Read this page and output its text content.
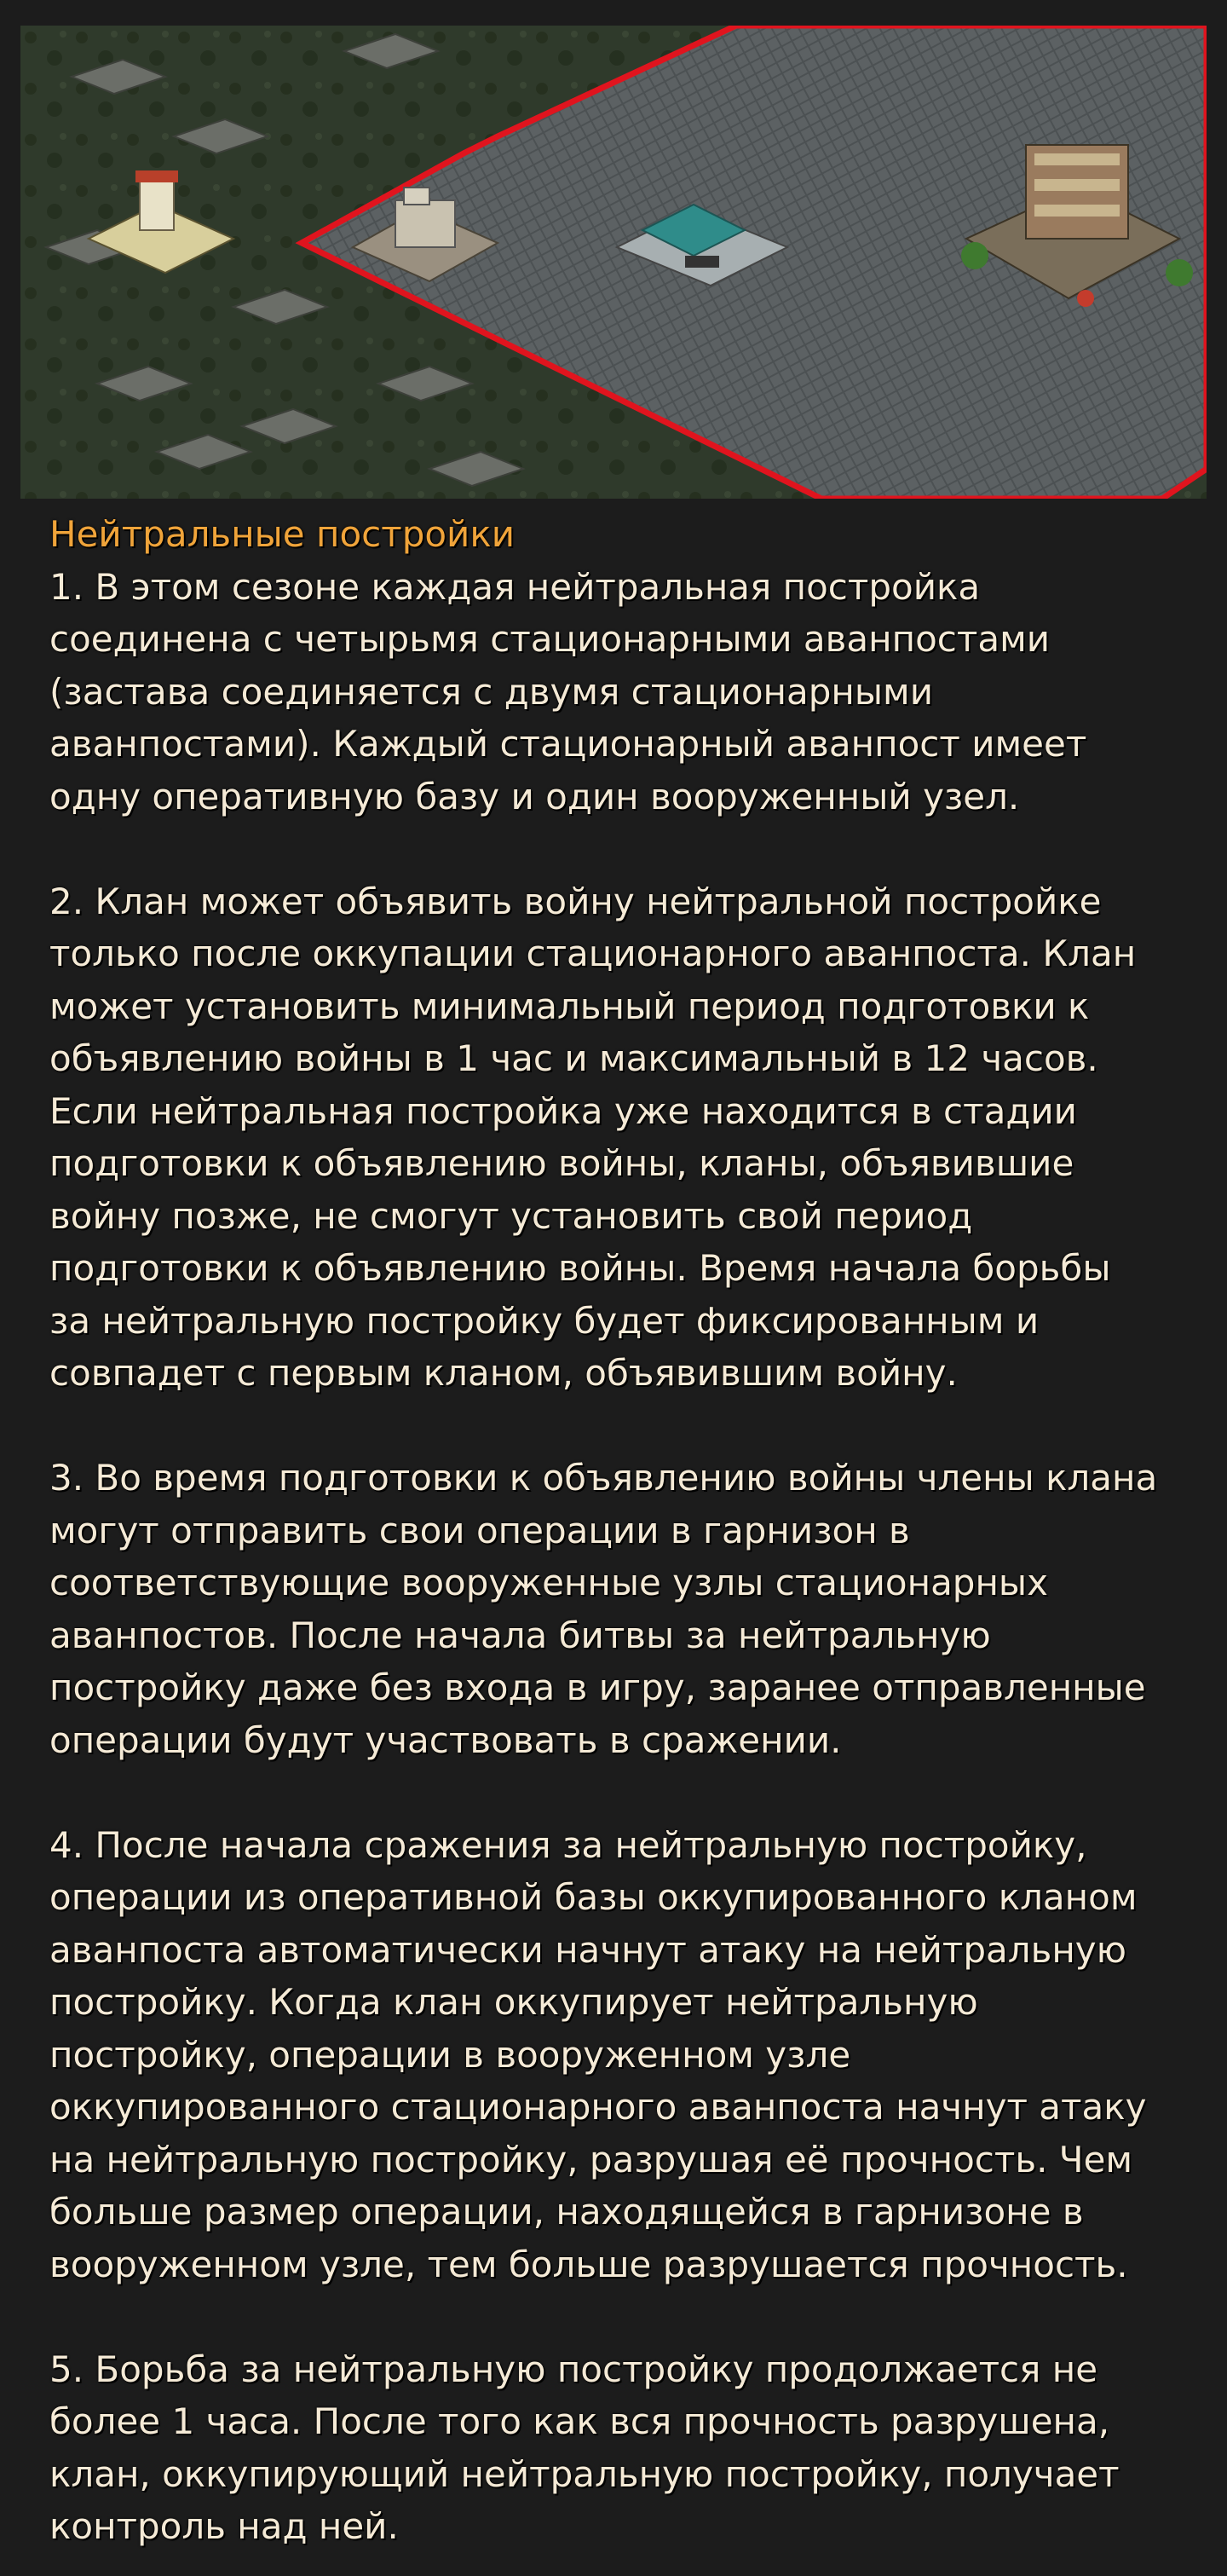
Нейтральные постройки

1. В этом сезоне каждая нейтральная постройка
соединена с четырьмя стационарными аванпостами
(застава соединяется с двумя стационарными
аванпостами). Каждый стационарный аванпост имеет
одну оперативную базу и один вооруженный узел.

2. Клан может объявить войну нейтральной постройке
только после оккупации стационарного аванпоста. Клан
может установить минимальный период подготовки к
объявлению войны в 1 час и максимальный в 12 часов.
Если нейтральная постройка уже находится в стадии
подготовки к объявлению войны, кланы, объявившие
войну позже, не смогут установить свой период
подготовки к объявлению войны. Время начала борьбы
за нейтральную постройку будет фиксированным и
совпадет с первым кланом, объявившим войну.

3. Во время подготовки к объявлению войны члены клана
могут отправить свои операции в гарнизон в
соответствующие вооруженные узлы стационарных
аванпостов. После начала битвы за нейтральную
постройку даже без входа в игру, заранее отправленные
операции будут участвовать в сражении.

4. После начала сражения за нейтральную постройку,
операции из оперативной базы оккупированного кланом
аванпоста автоматически начнут атаку на нейтральную
постройку. Когда клан оккупирует нейтральную
постройку, операции в вооруженном узле
оккупированного стационарного аванпоста начнут атаку
на нейтральную постройку, разрушая её прочность. Чем
больше размер операции, находящейся в гарнизоне в
вооруженном узле, тем больше разрушается прочность.

5. Борьба за нейтральную постройку продолжается не
более 1 часа. После того как вся прочность разрушена,
клан, оккупирующий нейтральную постройку, получает
контроль над ней.
